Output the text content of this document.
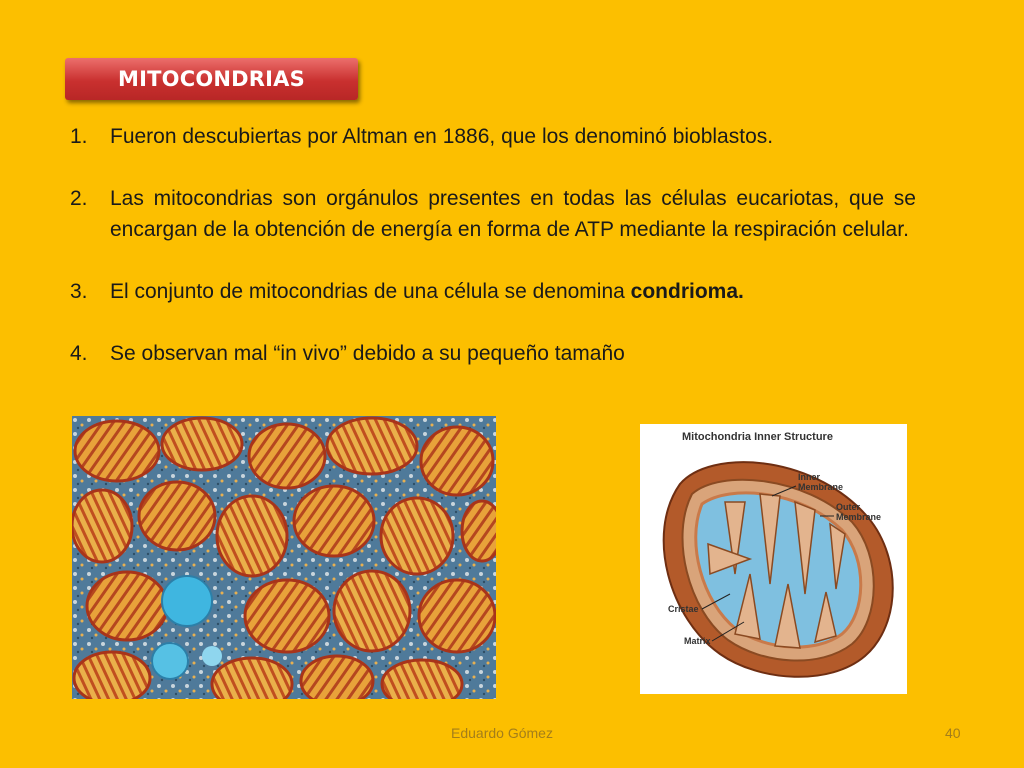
MITOCONDRIAS
1.	Fueron descubiertas por Altman en 1886, que los denominó bioblastos.
2.	Las mitocondrias son orgánulos presentes en todas las células eucariotas, que se encargan de la obtención de energía en forma de ATP mediante la respiración celular.
3.	El conjunto de mitocondrias de una célula se denomina condrioma.
4.	Se observan mal “in vivo” debido a su pequeño tamaño
Mitochondria Inner Structure
Inner
Membrane
Outer
Membrane
Cristae
Matrix
Eduardo Gómez	40
